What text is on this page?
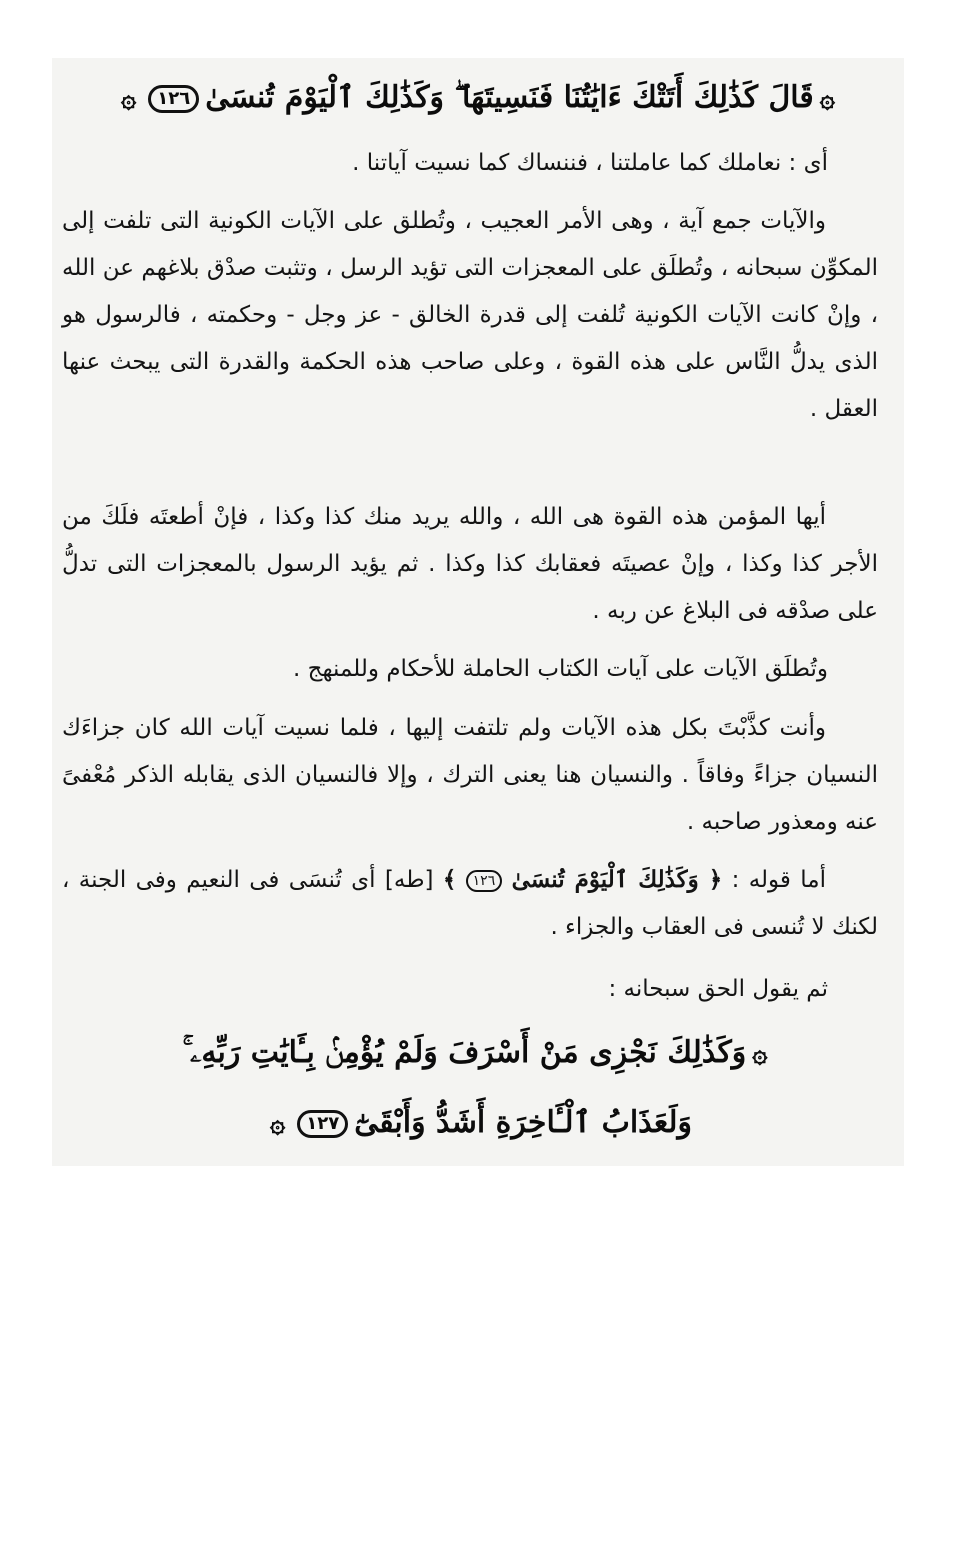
۞قَالَ كَذَٰلِكَ أَتَتْكَ ءَايَٰتُنَا فَنَسِيتَهَا ۖ وَكَذَٰلِكَ ٱلْيَوْمَ تُنسَىٰ١٢٦۞
أى : نعاملك كما عاملتنا ، فننساك كما نسيت آياتنا .

والآيات جمع آية ، وهى الأمر العجيب ، وتُطلق على الآيات الكونية التى تلفت إلى المكوِّن سبحانه ، وتُطلَق على المعجزات التى تؤيد الرسل ، وتثبت صدْق بلاغهم عن الله ، وإنْ كانت الآيات الكونية تُلفت إلى قدرة الخالق - عز وجل - وحكمته ، فالرسول هو الذى يدلُّ النَّاس على هذه القوة ، وعلى صاحب هذه الحكمة والقدرة التى يبحث عنها العقل .

أيها المؤمن هذه القوة هى الله ، والله يريد منك كذا وكذا ، فإنْ أطعتَه فلَكَ من الأجر كذا وكذا ، وإنْ عصيتَه فعقابك كذا وكذا . ثم يؤيد الرسول بالمعجزات التى تدلُّ على صدْقه فى البلاغ عن ربه .

وتُطلَق الآيات على آيات الكتاب الحاملة للأحكام وللمنهج .

وأنت كذَّبْتَ بكل هذه الآيات ولم تلتفت إليها ، فلما نسيت آيات الله كان جزاءَك النسيان جزاءً وفاقاً . والنسيان هنا يعنى الترك ، وإلا فالنسيان الذى يقابله الذكر مُعْفىً عنه ومعذور صاحبه .

أما قوله : ﴿ وَكَذَٰلِكَ ٱلْيَوْمَ تُنسَىٰ ١٢٦ ﴾ [طه] أى تُنسَى فى النعيم وفى الجنة ، لكنك لا تُنسى فى العقاب والجزاء .

ثم يقول الحق سبحانه :
۞وَكَذَٰلِكَ نَجْزِى مَنْ أَسْرَفَ وَلَمْ يُؤْمِنۢ بِـَٔايَٰتِ رَبِّهِۦ ۚ
وَلَعَذَابُ ٱلْـَٔاخِرَةِ أَشَدُّ وَأَبْقَىٰٓ١٢٧۞
